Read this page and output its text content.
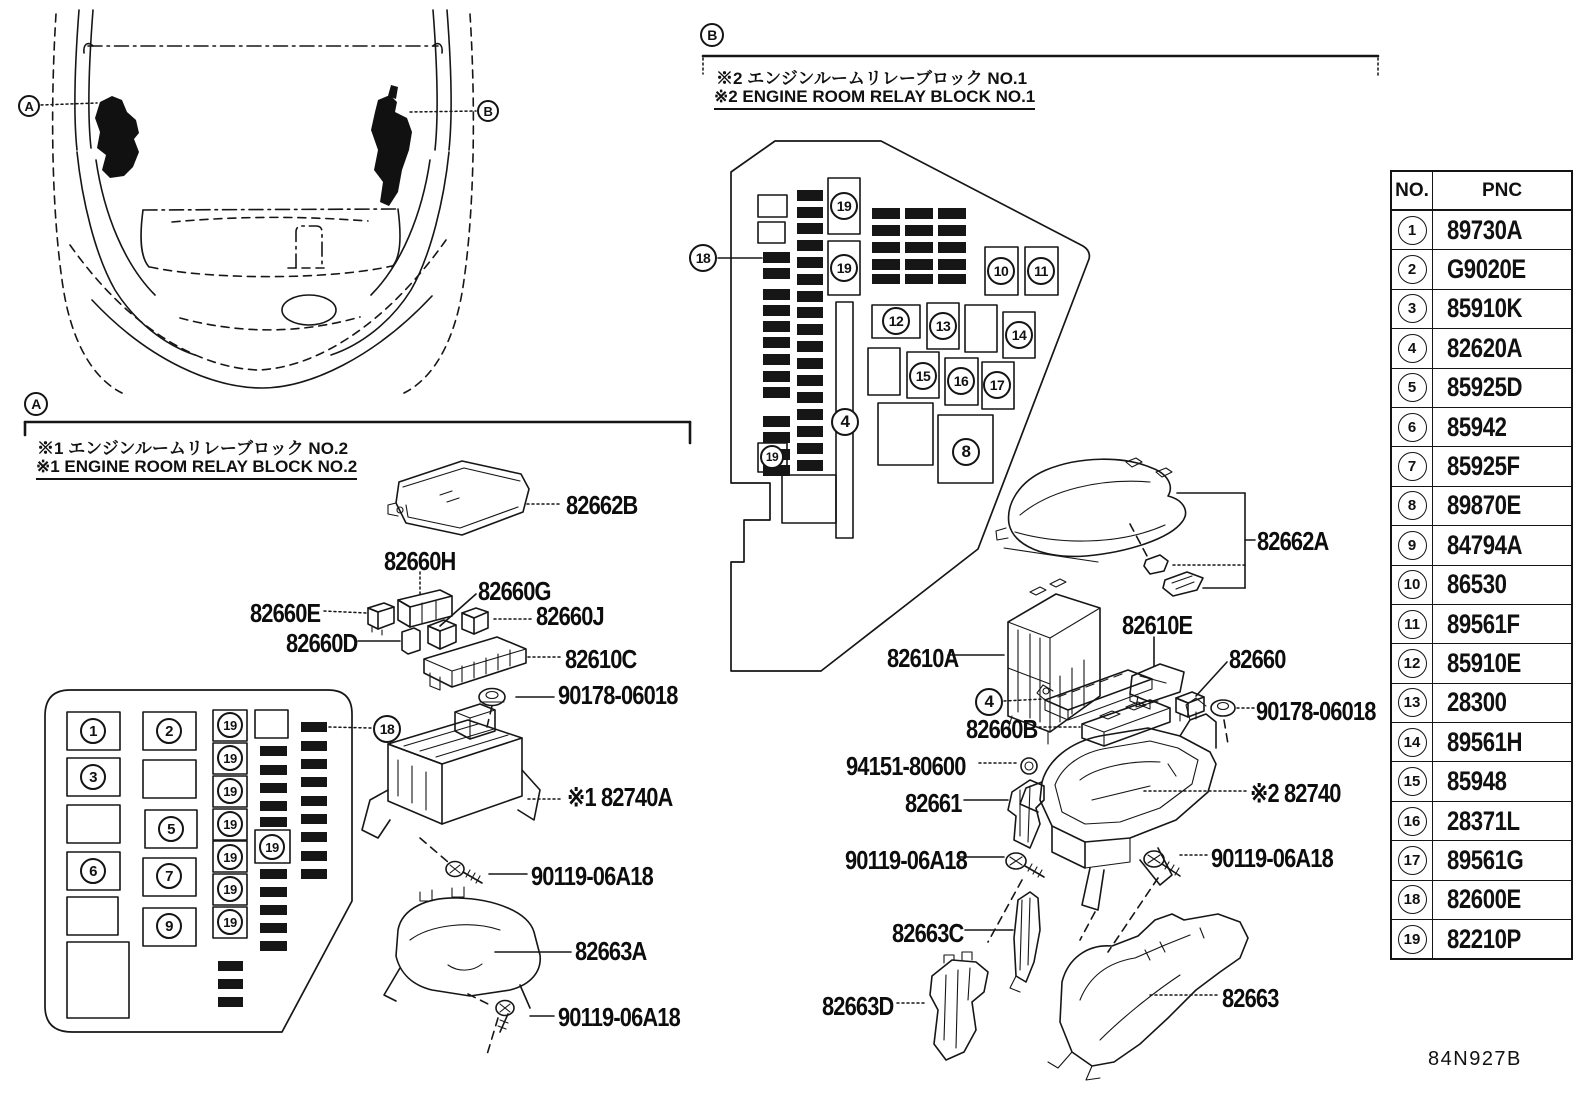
※1 エンジンルームリレーブロック NO.2
※1 ENGINE ROOM RELAY BLOCK NO.2
※2 エンジンルームリレーブロック NO.1
※2 ENGINE ROOM RELAY BLOCK NO.1
A	B
A
B
1
3
6
2
5
7
9
19
19
19
19
19
19
19
19
18
18
19
19	10	11
12	13
14
15	16	17
8
19
4
4
82662B
82660H
82660G
82660E	82660J
82660D
82610C
90178-06018
※1 82740A
90119-06A18
82663A
90119-06A18
82662A
82610E
82610A	82660
90178-06018
82660B
94151-80600
82661	※2 82740
90119-06A18	90119-06A18
82663C
82663D	82663
NO.	PNC
1	89730A
2	G9020E
3	85910K
4	82620A
5	85925D
6	85942
7	85925F
8	89870E
9	84794A
10 86530
11 89561F
12 85910E
13 28300
14 89561H
15 85948
16 28371L
17 89561G
18 82600E
19 82210P
84N927B
